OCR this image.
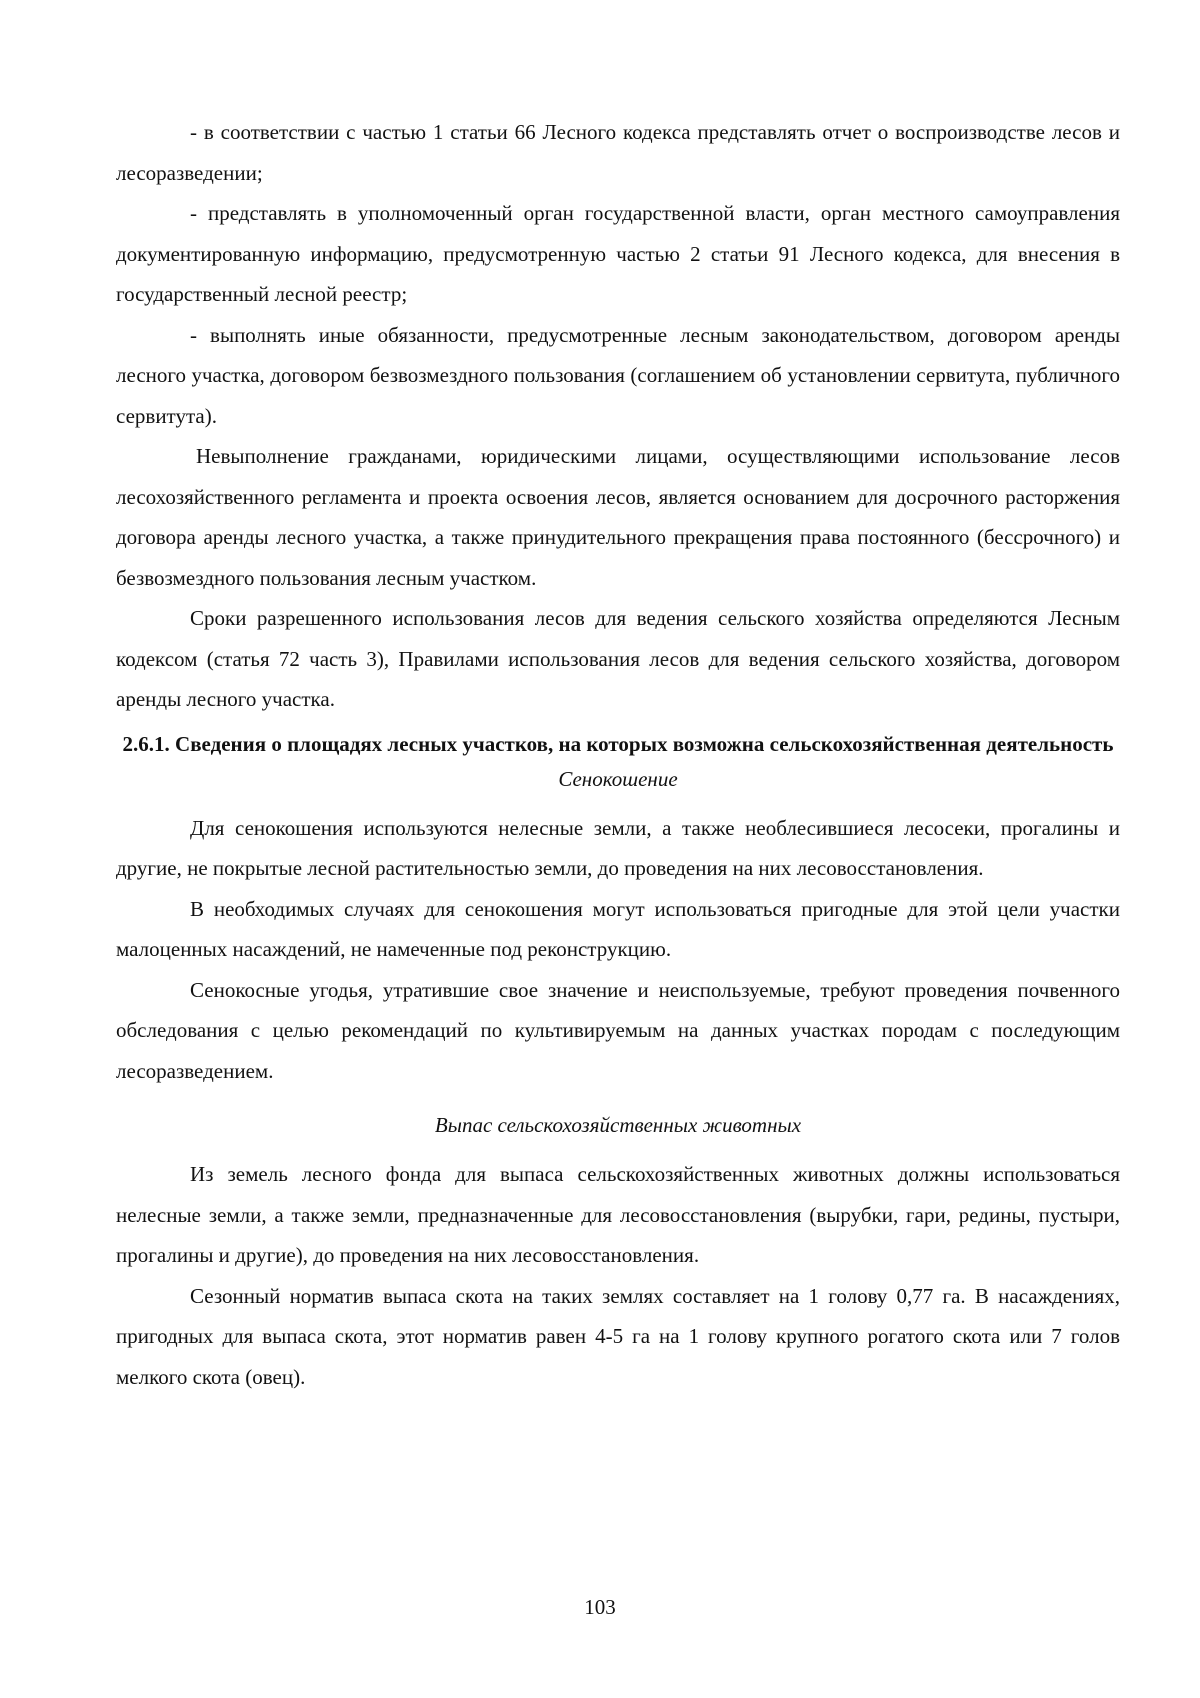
- в соответствии с частью 1 статьи 66 Лесного кодекса представлять отчет о воспроизводстве лесов и лесоразведении;

- представлять в уполномоченный орган государственной власти, орган местного самоуправления документированную информацию, предусмотренную частью 2 статьи 91 Лесного кодекса, для внесения в государственный лесной реестр;

- выполнять иные обязанности, предусмотренные лесным законодательством, договором аренды лесного участка, договором безвозмездного пользования (соглашением об установлении сервитута, публичного сервитута).

Невыполнение гражданами, юридическими лицами, осуществляющими использование лесов лесохозяйственного регламента и проекта освоения лесов, является основанием для досрочного расторжения договора аренды лесного участка, а также принудительного прекращения права постоянного (бессрочного) и безвозмездного пользования лесным участком.

Сроки разрешенного использования лесов для ведения сельского хозяйства определяются Лесным кодексом (статья 72 часть 3), Правилами использования лесов для ведения сельского хозяйства, договором аренды лесного участка.

2.6.1. Сведения о площадях лесных участков, на которых возможна сельскохозяйственная деятельность
Сенокошение

Для сенокошения используются нелесные земли, а также необлесившиеся лесосеки, прогалины и другие, не покрытые лесной растительностью земли, до проведения на них лесовосстановления.

В необходимых случаях для сенокошения могут использоваться пригодные для этой цели участки малоценных насаждений, не намеченные под реконструкцию.

Сенокосные угодья, утратившие свое значение и неиспользуемые, требуют проведения почвенного обследования с целью рекомендаций по культивируемым на данных участках породам с последующим лесоразведением.

Выпас сельскохозяйственных животных

Из земель лесного фонда для выпаса сельскохозяйственных животных должны использоваться нелесные земли, а также земли, предназначенные для лесовосстановления (вырубки, гари, редины, пустыри, прогалины и другие), до проведения на них лесовосстановления.

Сезонный норматив выпаса скота на таких землях составляет на 1 голову 0,77 га. В насаждениях, пригодных для выпаса скота, этот норматив равен 4-5 га на 1 голову крупного рогатого скота или 7 голов мелкого скота (овец).

103
